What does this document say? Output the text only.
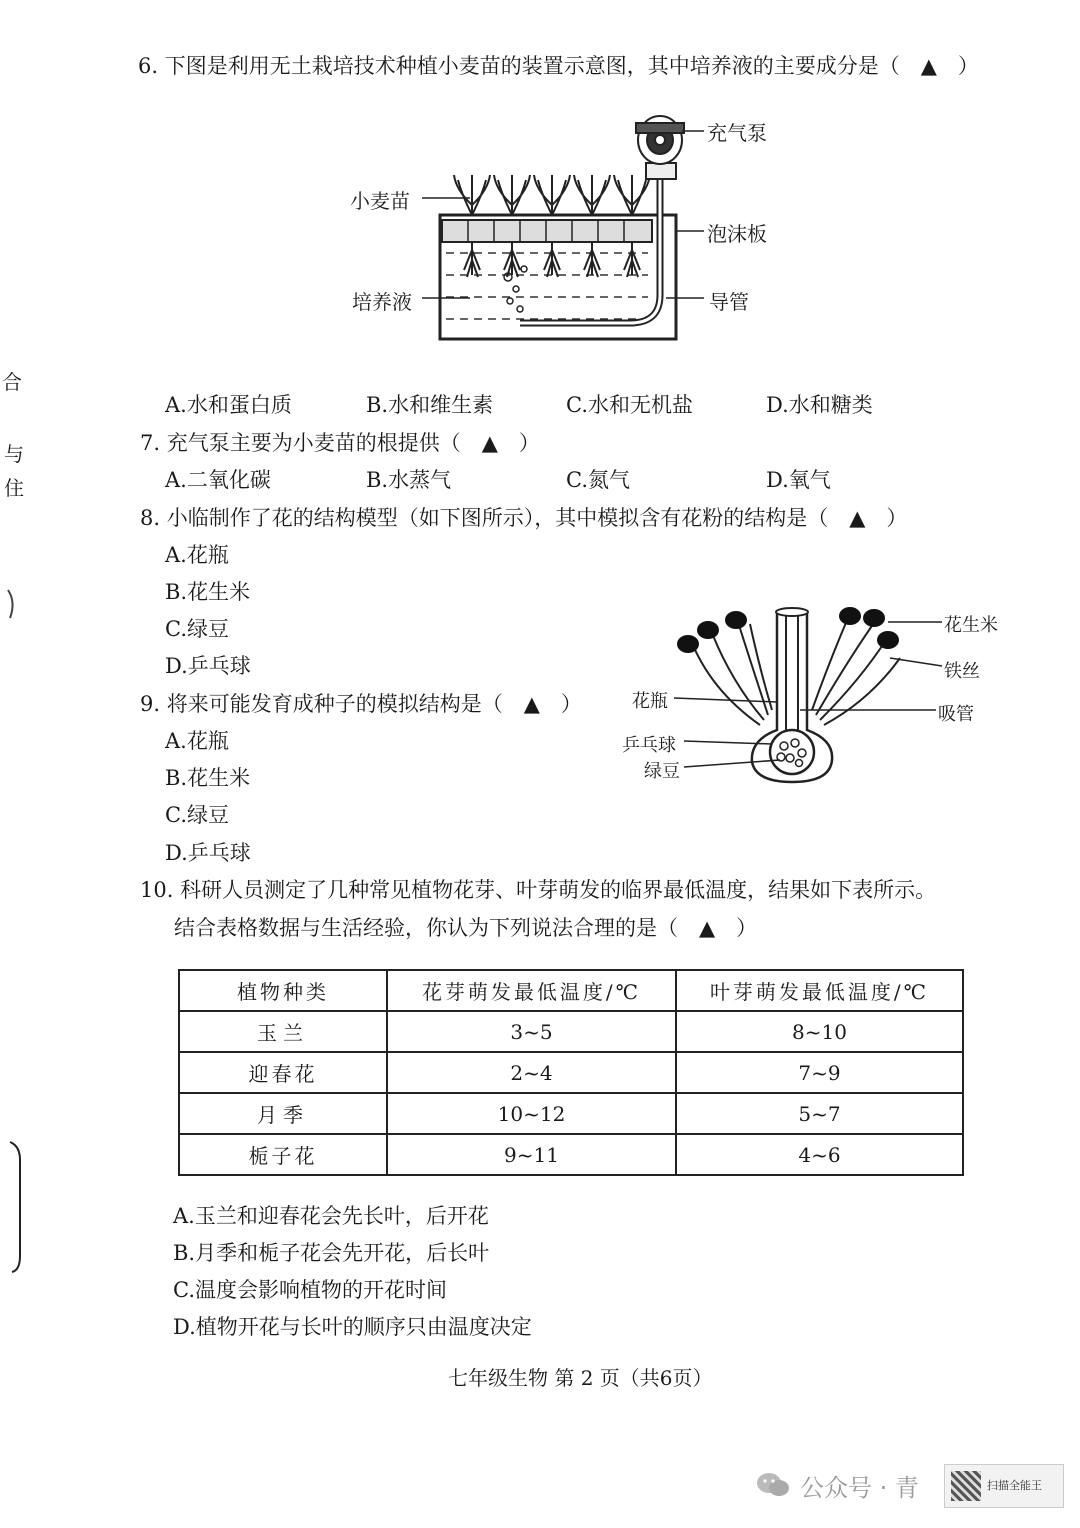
合
与
住
6. 下图是利用无土栽培技术种植小麦苗的装置示意图，其中培养液的主要成分是（　▲　）
小麦苗
培养液
充气泵
泡沫板
导管
A.水和蛋白质	B.水和维生素	C.水和无机盐	D.水和糖类
7. 充气泵主要为小麦苗的根提供（　▲　）
A.二氧化碳	B.水蒸气	C.氮气	D.氧气
8. 小临制作了花的结构模型（如下图所示），其中模拟含有花粉的结构是（　▲　）
A.花瓶
B.花生米
C.绿豆
D.乒乓球
花生米
铁丝
吸管
花瓶
乒乓球
绿豆
9. 将来可能发育成种子的模拟结构是（　▲　）
A.花瓶
B.花生米
C.绿豆
D.乒乓球
10. 科研人员测定了几种常见植物花芽、叶芽萌发的临界最低温度，结果如下表所示。
结合表格数据与生活经验，你认为下列说法合理的是（　▲　）
植物种类	花芽萌发最低温度/℃	叶芽萌发最低温度/℃
玉兰	3~5	8~10
迎春花	2~4	7~9
月季	10~12	5~7
栀子花	9~11	4~6
A.玉兰和迎春花会先长叶，后开花
B.月季和栀子花会先开花，后长叶
C.温度会影响植物的开花时间
D.植物开花与长叶的顺序只由温度决定
七年级生物 第 2 页（共6页）
公众号 · 青	扫描全能王
